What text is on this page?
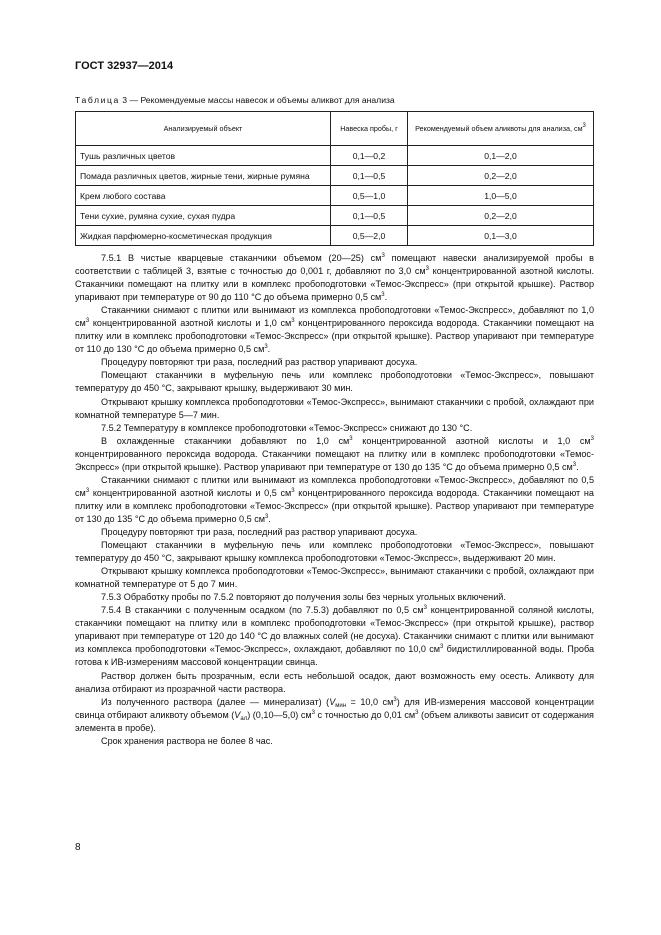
ГОСТ 32937—2014
Таблица 3 — Рекомендуемые массы навесок и объемы аликвот для анализа
Анализируемый объект	Навеска пробы, г	Рекомендуемый объем аликвоты для анализа, $см^3$
Тушь различных цветов	0,1—0,2	0,1—2,0
Помада различных цветов, жирные тени, жирные румяна	0,1—0,5	0,2—2,0
Крем любого состава	0,5—1,0	1,0—5,0
Тени сухие, румяна сухие, сухая пудра	0,1—0,5	0,2—2,0
Жидкая парфюмерно-косметическая продукция	0,5—2,0	0,1—3,0

7.5.1 В чистые кварцевые стаканчики объемом (20—25) $см^3$ помещают навески анализируемой пробы в соответствии с таблицей 3, взятые с точностью до 0,001 г, добавляют по 3,0 $см^3$ концентрированной азотной кислоты. Стаканчики помещают на плитку или в комплекс пробоподготовки «Темос-Экспресс» (при открытой крышке). Раствор упаривают при температуре от 90 до 110 °С до объема примерно 0,5 $см^3$.

Стаканчики снимают с плитки или вынимают из комплекса пробоподготовки «Темос-Экспресс», добавляют по 1,0 $см^3$ концентрированной азотной кислоты и 1,0 $см^3$ концентрированного пероксида водорода. Стаканчики помещают на плитку или в комплекс пробоподготовки «Темос-Экспресс» (при открытой крышке). Раствор упаривают при температуре от 110 до 130 °С до объема примерно 0,5 $см^3$.

Процедуру повторяют три раза, последний раз раствор упаривают досуха.

Помещают стаканчики в муфельную печь или комплекс пробоподготовки «Темос-Экспресс», повышают температуру до 450 °С, закрывают крышку, выдерживают 30 мин.

Открывают крышку комплекса пробоподготовки «Темос-Экспресс», вынимают стаканчики с пробой, охлаждают при комнатной температуре 5—7 мин.

7.5.2 Температуру в комплексе пробоподготовки «Темос-Экспресс» снижают до 130 °С.

В охлажденные стаканчики добавляют по 1,0 $см^3$ концентрированной азотной кислоты и 1,0 $см^3$ концентрированного пероксида водорода. Стаканчики помещают на плитку или в комплекс пробоподготовки «Темос-Экспресс» (при открытой крышке). Раствор упаривают при температуре от 130 до 135 °С до объема примерно 0,5 $см^3$.

Стаканчики снимают с плитки или вынимают из комплекса пробоподготовки «Темос-Экспресс», добавляют по 0,5 $см^3$ концентрированной азотной кислоты и 0,5 $см^3$ концентрированного пероксида водорода. Стаканчики помещают на плитку или в комплекс пробоподготовки «Темос-Экспресс» (при открытой крышке). Раствор упаривают при температуре от 130 до 135 °С до объема примерно 0,5 $см^3$.

Процедуру повторяют три раза, последний раз раствор упаривают досуха.

Помещают стаканчики в муфельную печь или комплекс пробоподготовки «Темос-Экспресс», повышают температуру до 450 °С, закрывают крышку комплекса пробоподготовки «Темос-Экспресс», выдерживают 20 мин.

Открывают крышку комплекса пробоподготовки «Темос-Экспресс», вынимают стаканчики с пробой, охлаждают при комнатной температуре от 5 до 7 мин.

7.5.3 Обработку пробы по 7.5.2 повторяют до получения золы без черных угольных включений.

7.5.4 В стаканчики с полученным осадком (по 7.5.3) добавляют по 0,5 $см^3$ концентрированной соляной кислоты, стаканчики помещают на плитку или в комплекс пробоподготовки «Темос-Экспресс» (при открытой крышке), раствор упаривают при температуре от 120 до 140 °С до влажных солей (не досуха). Стаканчики снимают с плитки или вынимают из комплекса пробоподготовки «Темос-Экспресс», охлаждают, добавляют по 10,0 $см^3$ бидистиллированной воды. Проба готова к ИВ-измерениям массовой концентрации свинца.

Раствор должен быть прозрачным, если есть небольшой осадок, дают возможность ему осесть. Аликвоту для анализа отбирают из прозрачной части раствора.

Из полученного раствора (далее — минерализат) ($V_{мин} = 10,0$ $см^3$) для ИВ-измерения массовой концентрации свинца отбирают аликвоту объемом $(V_{ал})$ (0,10—5,0) $см^3$ с точностью до 0,01 $см^3$ (объем аликвоты зависит от содержания элемента в пробе).

Срок хранения раствора не более 8 час.

8
